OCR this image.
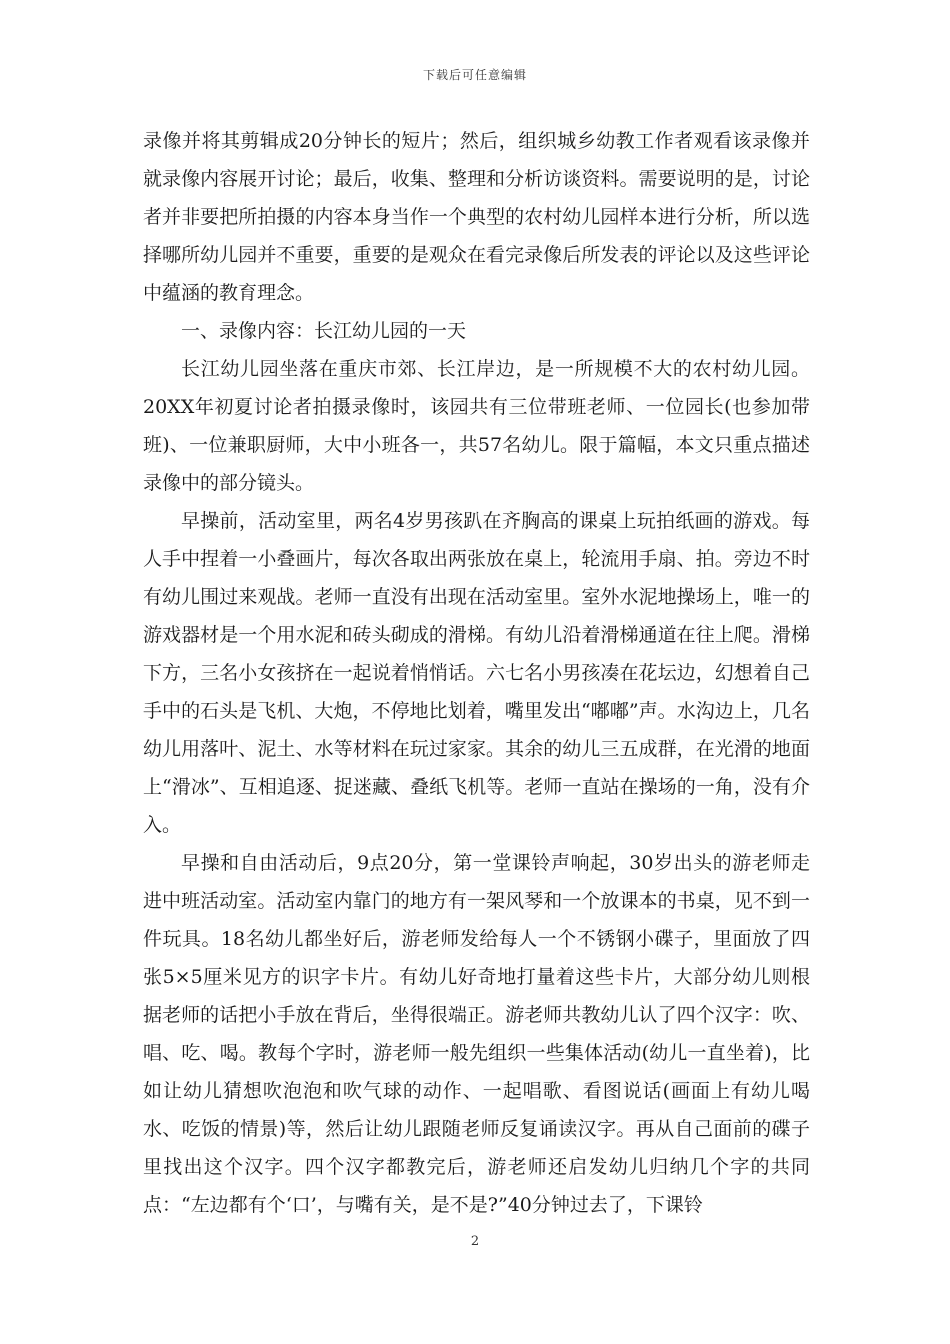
下载后可任意编辑

录像并将其剪辑成20分钟长的短片；然后，组织城乡幼教工作者观看该录像并就录像内容展开讨论；最后，收集、整理和分析访谈资料。需要说明的是，讨论者并非要把所拍摄的内容本身当作一个典型的农村幼儿园样本进行分析，所以选择哪所幼儿园并不重要，重要的是观众在看完录像后所发表的评论以及这些评论中蕴涵的教育理念。

一、录像内容：长江幼儿园的一天

长江幼儿园坐落在重庆市郊、长江岸边，是一所规模不大的农村幼儿园。20XX年初夏讨论者拍摄录像时，该园共有三位带班老师、一位园长(也参加带班)、一位兼职厨师，大中小班各一，共57名幼儿。限于篇幅，本文只重点描述录像中的部分镜头。

早操前，活动室里，两名4岁男孩趴在齐胸高的课桌上玩拍纸画的游戏。每人手中捏着一小叠画片，每次各取出两张放在桌上，轮流用手扇、拍。旁边不时有幼儿围过来观战。老师一直没有出现在活动室里。室外水泥地操场上，唯一的游戏器材是一个用水泥和砖头砌成的滑梯。有幼儿沿着滑梯通道在往上爬。滑梯下方，三名小女孩挤在一起说着悄悄话。六七名小男孩凑在花坛边，幻想着自己手中的石头是飞机、大炮，不停地比划着，嘴里发出“嘟嘟”声。水沟边上，几名幼儿用落叶、泥土、水等材料在玩过家家。其余的幼儿三五成群，在光滑的地面上“滑冰”、互相追逐、捉迷藏、叠纸飞机等。老师一直站在操场的一角，没有介入。

早操和自由活动后，9点20分，第一堂课铃声响起，30岁出头的游老师走进中班活动室。活动室内靠门的地方有一架风琴和一个放课本的书桌，见不到一件玩具。18名幼儿都坐好后，游老师发给每人一个不锈钢小碟子，里面放了四张5×5厘米见方的识字卡片。有幼儿好奇地打量着这些卡片，大部分幼儿则根据老师的话把小手放在背后，坐得很端正。游老师共教幼儿认了四个汉字：吹、唱、吃、喝。教每个字时，游老师一般先组织一些集体活动(幼儿一直坐着)，比如让幼儿猜想吹泡泡和吹气球的动作、一起唱歌、看图说话(画面上有幼儿喝水、吃饭的情景)等，然后让幼儿跟随老师反复诵读汉字。再从自己面前的碟子里找出这个汉字。四个汉字都教完后，游老师还启发幼儿归纳几个字的共同点：“左边都有个‘口’，与嘴有关，是不是?”40分钟过去了，下课铃

2
